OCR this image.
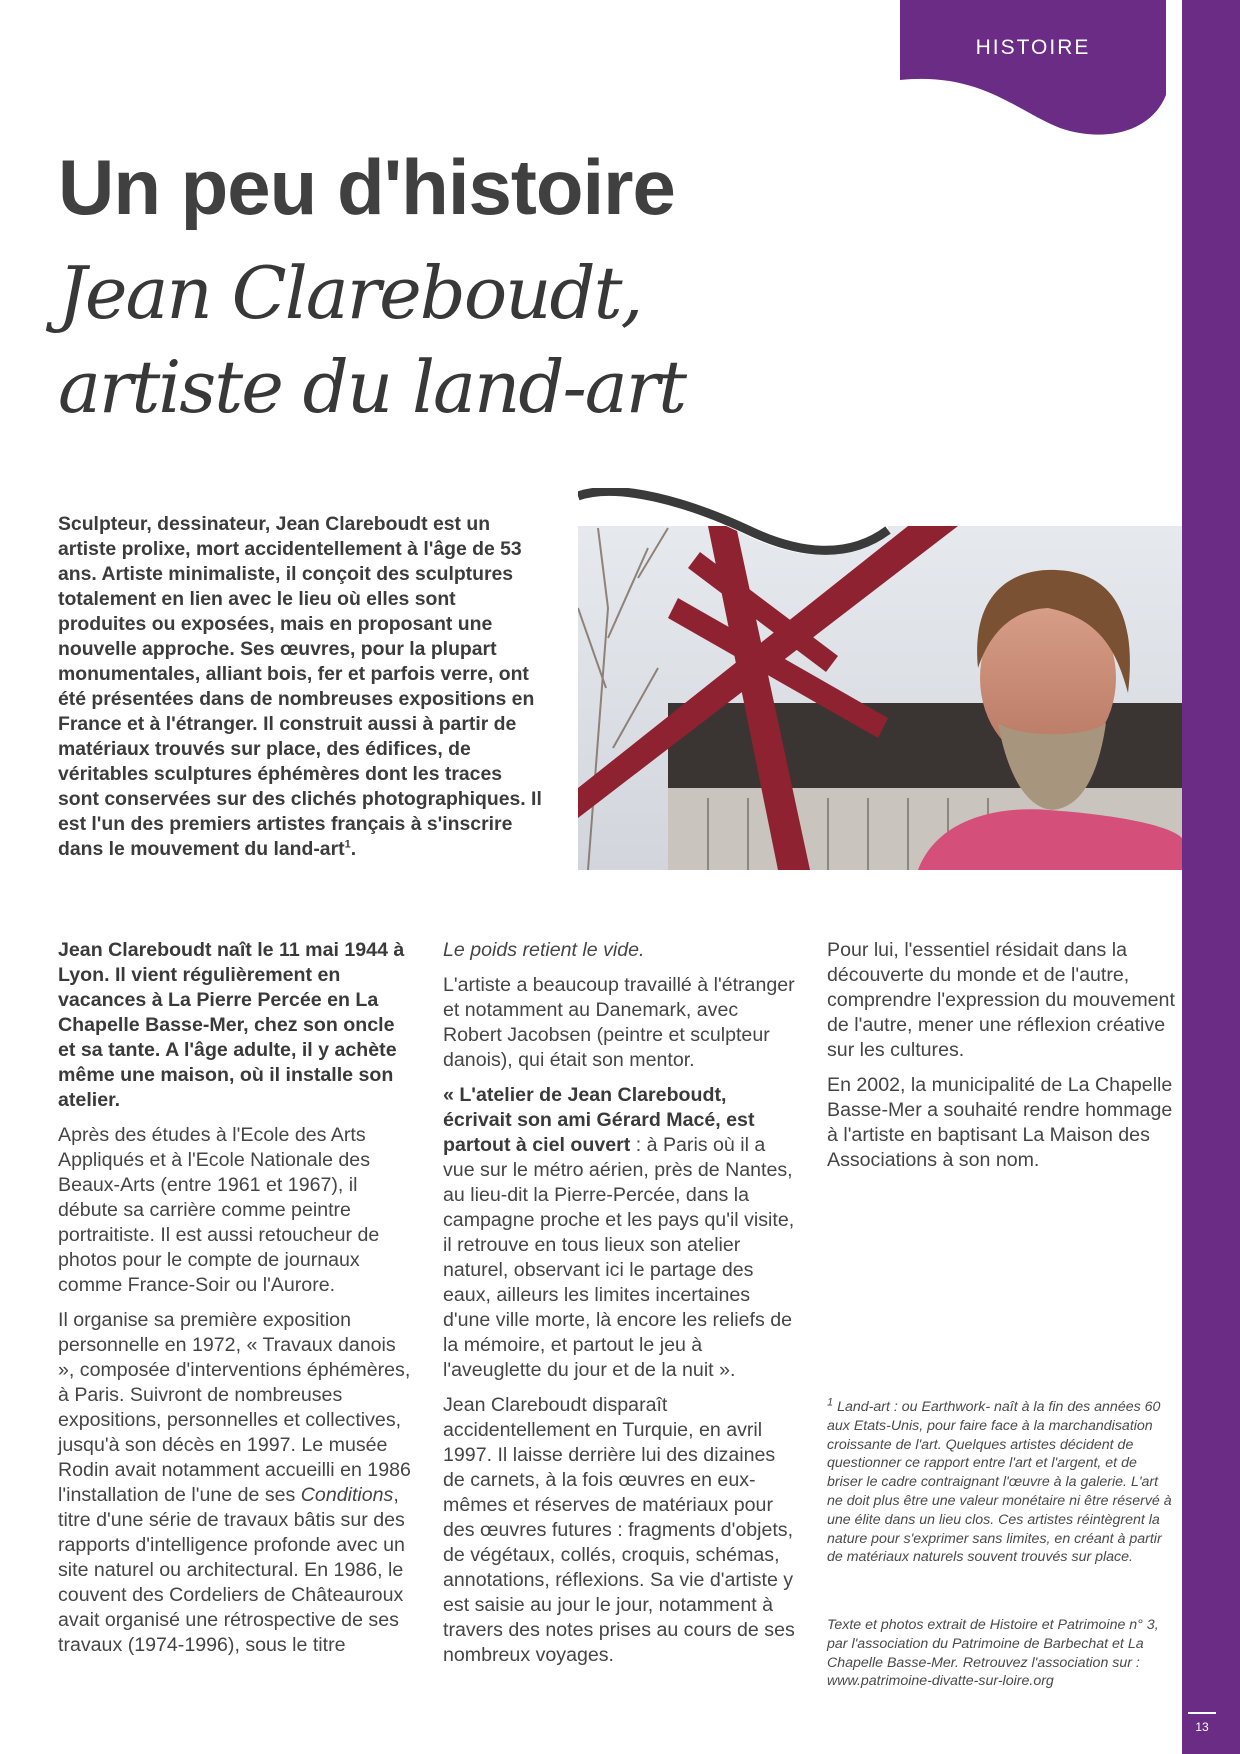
13
HISTOIRE
Un peu d'histoire
Jean Clareboudt,
artiste du land-art

Sculpteur, dessinateur, Jean Clareboudt est un artiste prolixe, mort accidentellement à l'âge de 53 ans. Artiste minimaliste, il conçoit des sculptures totalement en lien avec le lieu où elles sont produites ou exposées, mais en proposant une nouvelle approche. Ses œuvres, pour la plupart monumentales, alliant bois, fer et parfois verre, ont été présentées dans de nombreuses expositions en France et à l'étranger. Il construit aussi à partir de matériaux trouvés sur place, des édifices, de véritables sculptures éphémères dont les traces sont conservées sur des clichés photographiques. Il est l'un des premiers artistes français à s'inscrire dans le mouvement du land-art$^1$.

Jean Clareboudt naît le 11 mai 1944 à Lyon. Il vient régulièrement en vacances à La Pierre Percée en La Chapelle Basse-Mer, chez son oncle et sa tante. A l'âge adulte, il y achète même une maison, où il installe son atelier.

Après des études à l'Ecole des Arts Appliqués et à l'Ecole Nationale des Beaux-Arts (entre 1961 et 1967), il débute sa carrière comme peintre portraitiste. Il est aussi retoucheur de photos pour le compte de journaux comme France-Soir ou l'Aurore.

Il organise sa première exposition personnelle en 1972, « Travaux danois », composée d'interventions éphémères, à Paris. Suivront de nombreuses expositions, personnelles et collectives, jusqu'à son décès en 1997. Le musée Rodin avait notamment accueilli en 1986 l'installation de l'une de ses Conditions, titre d'une série de travaux bâtis sur des rapports d'intelligence profonde avec un site naturel ou architectural. En 1986, le couvent des Cordeliers de Châteauroux avait organisé une rétrospective de ses travaux (1974-1996), sous le titre

Le poids retient le vide.

L'artiste a beaucoup travaillé à l'étranger et notamment au Danemark, avec Robert Jacobsen (peintre et sculpteur danois), qui était son mentor.

« L'atelier de Jean Clareboudt, écrivait son ami Gérard Macé, est partout à ciel ouvert : à Paris où il a vue sur le métro aérien, près de Nantes, au lieu-dit la Pierre-Percée, dans la campagne proche et les pays qu'il visite, il retrouve en tous lieux son atelier naturel, observant ici le partage des eaux, ailleurs les limites incertaines d'une ville morte, là encore les reliefs de la mémoire, et partout le jeu à l'aveuglette du jour et de la nuit ».

Jean Clareboudt disparaît accidentellement en Turquie, en avril 1997. Il laisse derrière lui des dizaines de carnets, à la fois œuvres en eux-mêmes et réserves de matériaux pour des œuvres futures : fragments d'objets, de végétaux, collés, croquis, schémas, annotations, réflexions. Sa vie d'artiste y est saisie au jour le jour, notamment à travers des notes prises au cours de ses nombreux voyages.

Pour lui, l'essentiel résidait dans la découverte du monde et de l'autre, comprendre l'expression du mouvement de l'autre, mener une réflexion créative sur les cultures.

En 2002, la municipalité de La Chapelle Basse-Mer a souhaité rendre hommage à l'artiste en baptisant La Maison des Associations à son nom.

$^1$ Land-art : ou Earthwork- naît à la fin des années 60 aux Etats-Unis, pour faire face à la marchandisation croissante de l'art. Quelques artistes décident de questionner ce rapport entre l'art et l'argent, et de briser le cadre contraignant l'œuvre à la galerie. L'art ne doit plus être une valeur monétaire ni être réservé à une élite dans un lieu clos. Ces artistes réintègrent la nature pour s'exprimer sans limites, en créant à partir de matériaux naturels souvent trouvés sur place.

Texte et photos extrait de Histoire et Patrimoine n° 3, par l'association du Patrimoine de Barbechat et La Chapelle Basse-Mer. Retrouvez l'association sur : www.patrimoine-divatte-sur-loire.org
